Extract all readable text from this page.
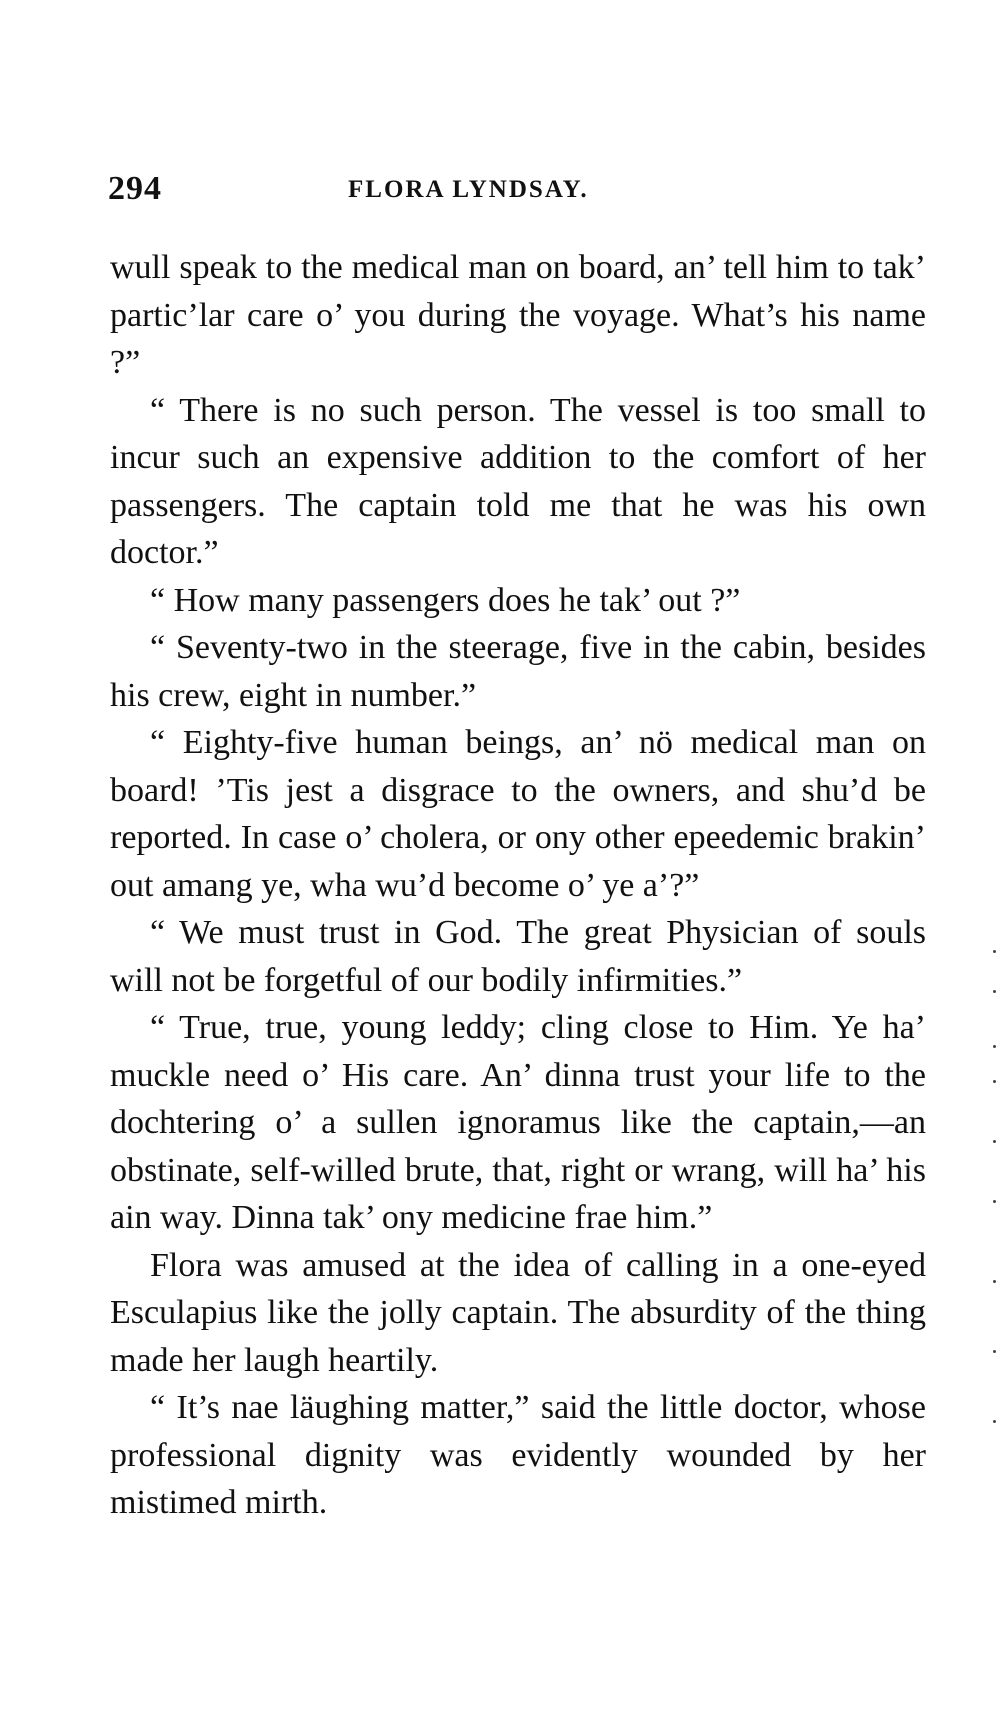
294	FLORA LYNDSAY.

wull speak to the medical man on board, an’ tell him to tak’ partic’lar care o’ you during the voyage. What’s his name ?”

“ There is no such person. The vessel is too small to incur such an expensive addition to the comfort of her passengers. The captain told me that he was his own doctor.”

“ How many passengers does he tak’ out ?”

“ Seventy-two in the steerage, five in the cabin, besides his crew, eight in number.”

“ Eighty-five human beings, an’ nö medical man on board! ’Tis jest a disgrace to the owners, and shu’d be reported. In case o’ cholera, or ony other epeedemic brakin’ out amang ye, wha wu’d become o’ ye a’?”

“ We must trust in God. The great Physician of souls will not be forgetful of our bodily infirmities.”

“ True, true, young leddy; cling close to Him. Ye ha’ muckle need o’ His care. An’ dinna trust your life to the dochtering o’ a sullen ignoramus like the captain,—an obstinate, self-willed brute, that, right or wrang, will ha’ his ain way. Dinna tak’ ony medicine frae him.”

Flora was amused at the idea of calling in a one-eyed Esculapius like the jolly captain. The absurdity of the thing made her laugh heartily.

“ It’s nae läughing matter,” said the little doctor, whose professional dignity was evidently wounded by her mistimed mirth.
